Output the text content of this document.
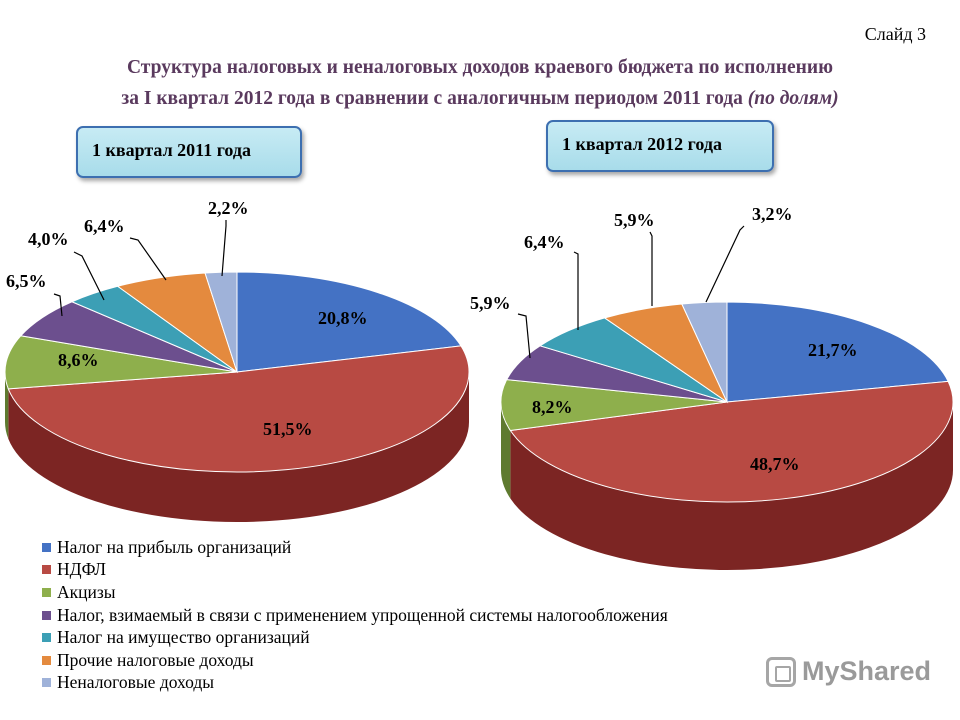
Слайд 3
Структура налоговых и неналоговых доходов краевого бюджета по исполнению
за I квартал 2012 года в сравнении с аналогичным периодом 2011 года (по долям)
1 квартал 2011 года	1 квартал 2012 года
20,8%
51,5%
8,6%
6,5%
4,0%
6,4%
2,2%
21,7%
48,7%
8,2%
5,9%
6,4%
5,9%	3,2%
Налог на прибыль организаций
НДФЛ
Акцизы
Налог, взимаемый в связи с применением упрощенной системы налогообложения
Налог на имущество организаций
Прочие налоговые доходы
Неналоговые доходы	MyShared
